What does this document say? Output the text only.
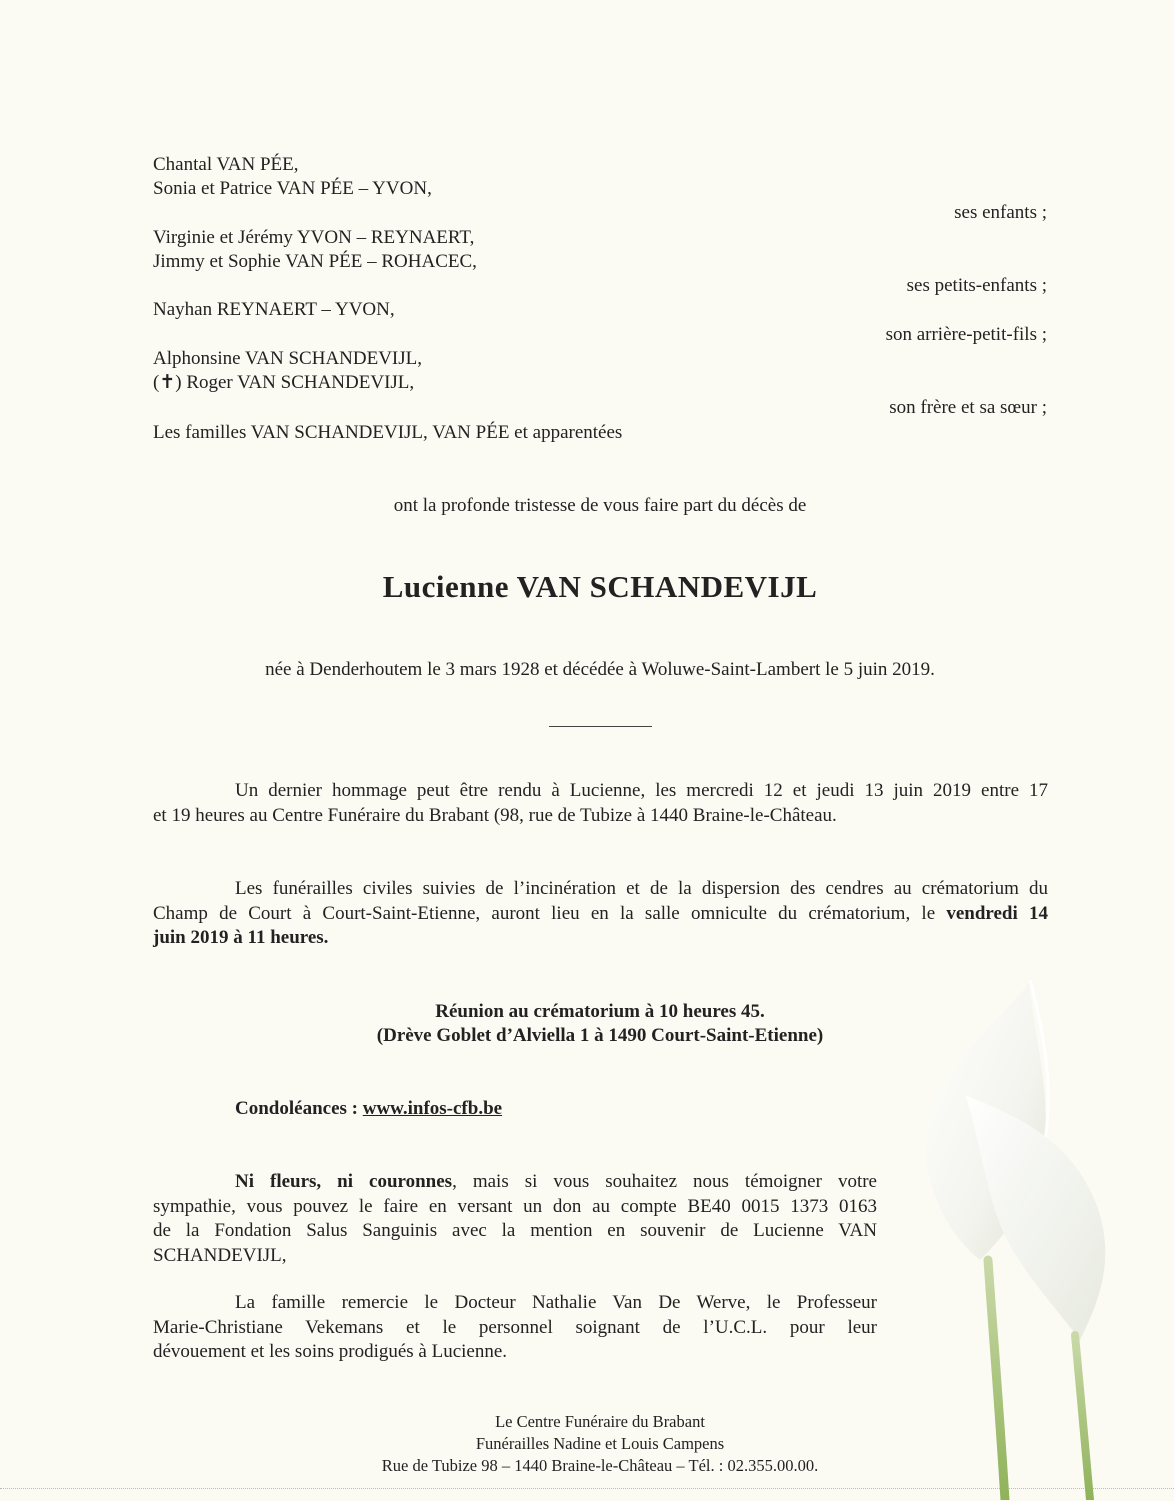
Chantal VAN PÉE,
Sonia et Patrice VAN PÉE – YVON,
ses enfants ;
Virginie et Jérémy YVON – REYNAERT,
Jimmy et Sophie VAN PÉE – ROHACEC,
ses petits-enfants ;
Nayhan REYNAERT – YVON,
son arrière-petit-fils ;
Alphonsine VAN SCHANDEVIJL,
(✝) Roger VAN SCHANDEVIJL,
son frère et sa sœur ;
Les familles VAN SCHANDEVIJL, VAN PÉE et apparentées
ont la profonde tristesse de vous faire part du décès de
Lucienne VAN SCHANDEVIJL
née à Denderhoutem le 3 mars 1928 et décédée à Woluwe-Saint-Lambert le 5 juin 2019.
Un dernier hommage peut être rendu à Lucienne, les mercredi 12 et jeudi 13 juin 2019 entre 17
et 19 heures au Centre Funéraire du Brabant (98, rue de Tubize à 1440 Braine-le-Château.
Les funérailles civiles suivies de l’incinération et de la dispersion des cendres au crématorium du
Champ de Court à Court-Saint-Etienne, auront lieu en la salle omniculte du crématorium, le vendredi 14
juin 2019 à 11 heures.
Réunion au crématorium à 10 heures 45.
(Drève Goblet d’Alviella 1 à 1490 Court-Saint-Etienne)
Condoléances : www.infos-cfb.be
Ni fleurs, ni couronnes, mais si vous souhaitez nous témoigner votre
sympathie, vous pouvez le faire en versant un don au compte BE40 0015 1373 0163
de la Fondation Salus Sanguinis avec la mention en souvenir de Lucienne VAN
SCHANDEVIJL,
La famille remercie le Docteur Nathalie Van De Werve, le Professeur
Marie-Christiane Vekemans et le personnel soignant de l’U.C.L. pour leur
dévouement et les soins prodigués à Lucienne.
Le Centre Funéraire du Brabant
Funérailles Nadine et Louis Campens
Rue de Tubize 98 – 1440 Braine-le-Château – Tél. : 02.355.00.00.
